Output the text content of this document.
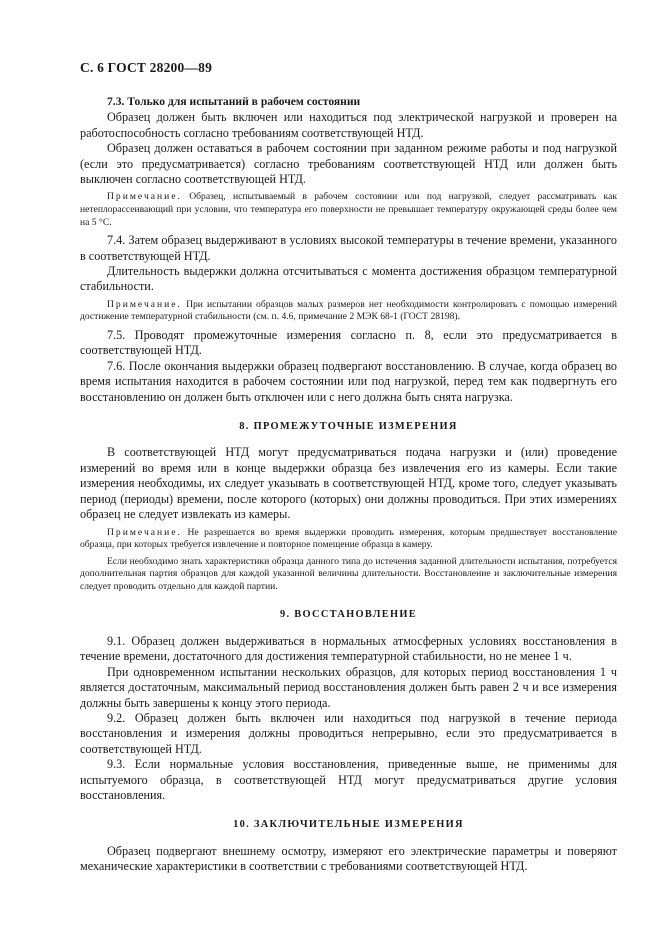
С. 6 ГОСТ 28200—89

7.3. Только для испытаний в рабочем состоянии

Образец должен быть включен или находиться под электрической нагрузкой и проверен на работоспособность согласно требованиям соответствующей НТД.

Образец должен оставаться в рабочем состоянии при заданном режиме работы и под нагрузкой (если это предусматривается) согласно требованиям соответствующей НТД или должен быть выключен согласно соответствующей НТД.

Примечание. Образец, испытываемый в рабочем состоянии или под нагрузкой, следует рассматривать как нетеплорассеивающий при условии, что температура его поверхности не превышает температуру окружающей среды более чем на 5 °С.

7.4. Затем образец выдерживают в условиях высокой температуры в течение времени, указанного в соответствующей НТД.

Длительность выдержки должна отсчитываться с момента достижения образцом температурной стабильности.

Примечание. При испытании образцов малых размеров нет необходимости контролировать с помощью измерений достижение температурной стабильности (см. п. 4.6, примечание 2 МЭК 68-1 (ГОСТ 28198).

7.5. Проводят промежуточные измерения согласно п. 8, если это предусматривается в соответствующей НТД.

7.6. После окончания выдержки образец подвергают восстановлению. В случае, когда образец во время испытания находится в рабочем состоянии или под нагрузкой, перед тем как подвергнуть его восстановлению он должен быть отключен или с него должна быть снята нагрузка.

8. ПРОМЕЖУТОЧНЫЕ ИЗМЕРЕНИЯ

В соответствующей НТД могут предусматриваться подача нагрузки и (или) проведение измерений во время или в конце выдержки образца без извлечения его из камеры. Если такие измерения необходимы, их следует указывать в соответствующей НТД, кроме того, следует указывать период (периоды) времени, после которого (которых) они должны проводиться. При этих измерениях образец не следует извлекать из камеры.

Примечание. Не разрешается во время выдержки проводить измерения, которым предшествует восстановление образца, при которых требуется извлечение и повторное помещение образца в камеру.

Если необходимо знать характеристики образца данного типа до истечения заданной длительности испытания, потребуется дополнительная партия образцов для каждой указанной величины длительности. Восстановление и заключительные измерения следует проводить отдельно для каждой партии.

9. ВОССТАНОВЛЕНИЕ

9.1. Образец должен выдерживаться в нормальных атмосферных условиях восстановления в течение времени, достаточного для достижения температурной стабильности, но не менее 1 ч.

При одновременном испытании нескольких образцов, для которых период восстановления 1 ч является достаточным, максимальный период восстановления должен быть равен 2 ч и все измерения должны быть завершены к концу этого периода.

9.2. Образец должен быть включен или находиться под нагрузкой в течение периода восстановления и измерения должны проводиться непрерывно, если это предусматривается в соответствующей НТД.

9.3. Если нормальные условия восстановления, приведенные выше, не применимы для испытуемого образца, в соответствующей НТД могут предусматриваться другие условия восстановления.

10. ЗАКЛЮЧИТЕЛЬНЫЕ ИЗМЕРЕНИЯ

Образец подвергают внешнему осмотру, измеряют его электрические параметры и поверяют механические характеристики в соответствии с требованиями соответствующей НТД.
